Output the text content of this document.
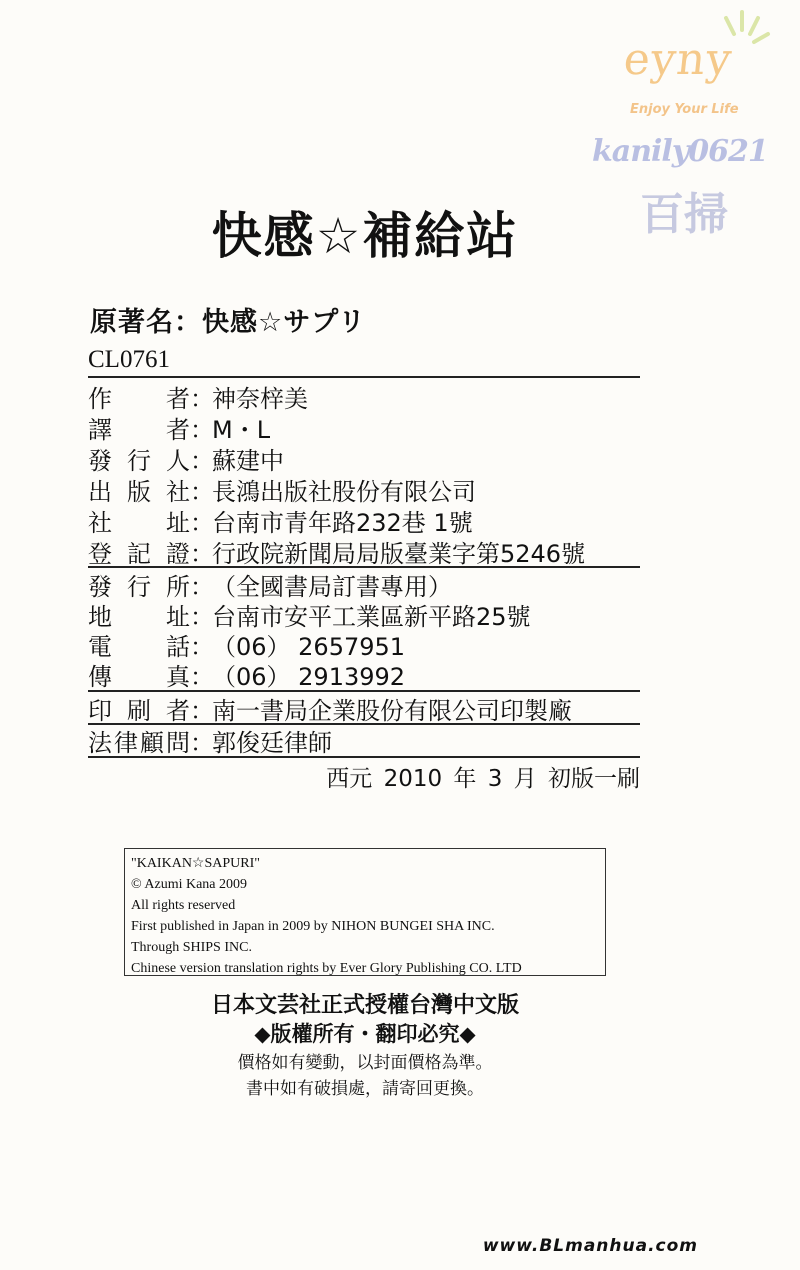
eyny
Enjoy Your Life
kanily0621
百掃
快感☆補給站
原著名：快感☆サプリ
CL0761
作 者 ：
神奈梓美
譯 者 ：
M・L
發 行 人 ：
蘇建中
出 版 社 ：
長鴻出版社股份有限公司
社 址 ：
台南市青年路232巷 1號
登 記 證 ：
行政院新聞局局版臺業字第5246號
發 行 所 ：
（全國書局訂書專用）
地 址 ：
台南市安平工業區新平路25號
電 話 ：
（06） 2657951
傳 真 ：
（06） 2913992
印 刷 者 ：
南一書局企業股份有限公司印製廠
法 律 顧 問 ：
郭俊廷律師
西元 2010 年 3 月 初版一刷
"KAIKAN☆SAPURI"
© Azumi Kana 2009
All rights reserved
First published in Japan in 2009 by NIHON BUNGEI SHA INC.
Through SHIPS INC.
Chinese version translation rights by Ever Glory Publishing CO. LTD
日本文芸社正式授權台灣中文版
◆版權所有・翻印必究◆
價格如有變動，以封面價格為準。
書中如有破損處，請寄回更換。
www.BLmanhua.com
